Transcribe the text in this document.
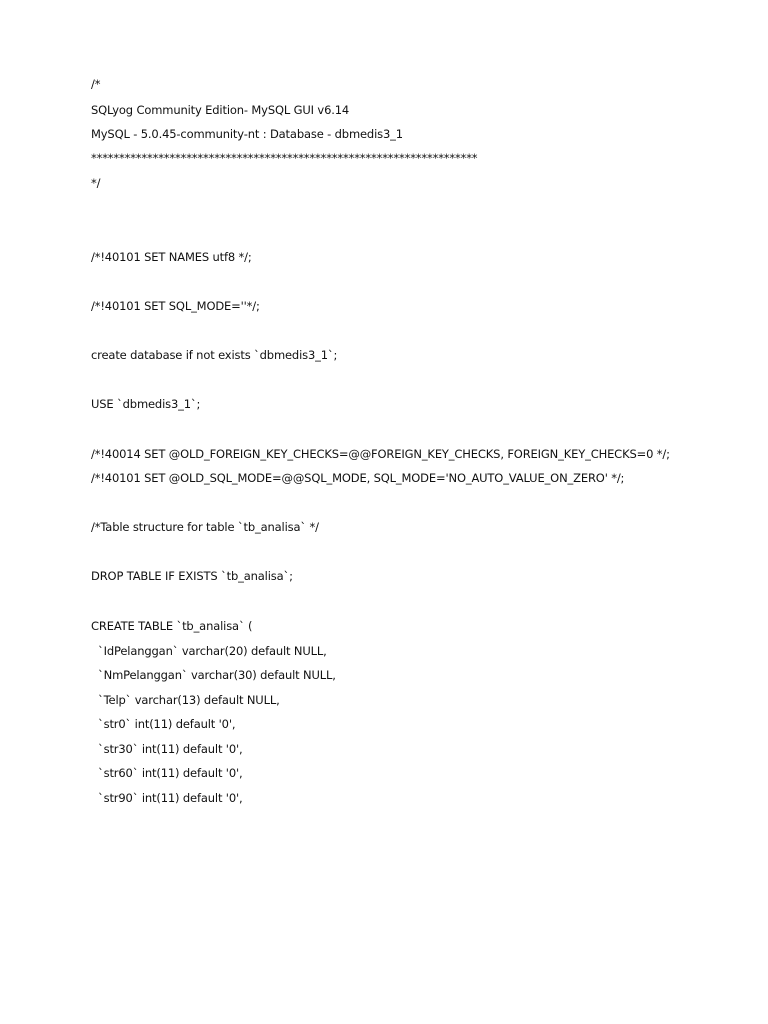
/*

SQLyog Community Edition- MySQL GUI v6.14

MySQL - 5.0.45-community-nt : Database - dbmedis3_1

*********************************************************************

*/

/*!40101 SET NAMES utf8 */;

/*!40101 SET SQL_MODE=''*/;

create database if not exists `dbmedis3_1`;

USE `dbmedis3_1`;

/*!40014 SET @OLD_FOREIGN_KEY_CHECKS=@@FOREIGN_KEY_CHECKS, FOREIGN_KEY_CHECKS=0 */;

/*!40101 SET @OLD_SQL_MODE=@@SQL_MODE, SQL_MODE='NO_AUTO_VALUE_ON_ZERO' */;

/*Table structure for table `tb_analisa` */

DROP TABLE IF EXISTS `tb_analisa`;

CREATE TABLE `tb_analisa` (

`IdPelanggan` varchar(20) default NULL,

`NmPelanggan` varchar(30) default NULL,

`Telp` varchar(13) default NULL,

`str0` int(11) default '0',

`str30` int(11) default '0',

`str60` int(11) default '0',

`str90` int(11) default '0',
